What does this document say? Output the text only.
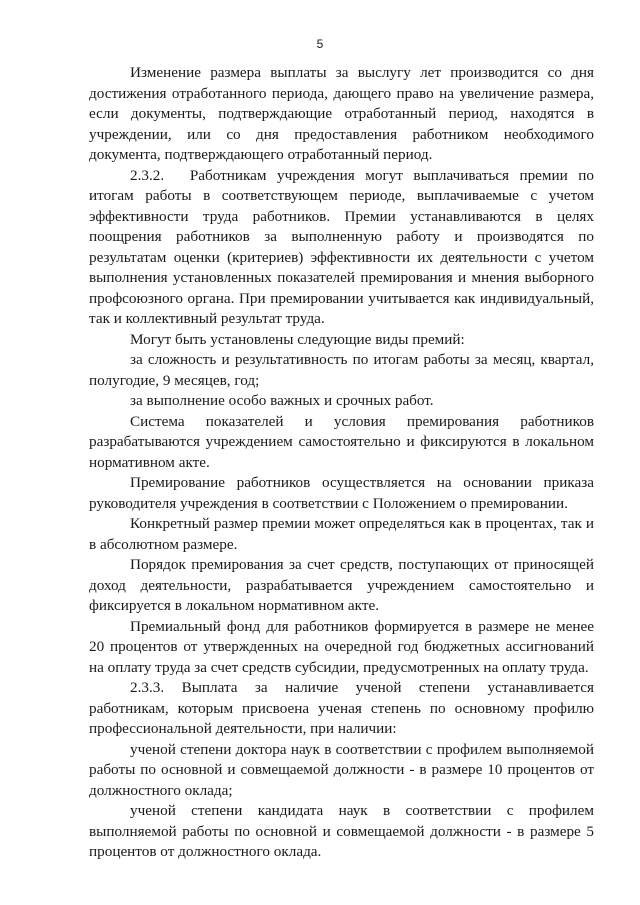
5

Изменение размера выплаты за выслугу лет производится со дня достижения отработанного периода, дающего право на увеличение размера, если документы, подтверждающие отработанный период, находятся в учреждении, или со дня предоставления работником необходимого документа, подтверждающего отработанный период.

2.3.2.  Работникам учреждения могут выплачиваться премии по итогам работы в соответствующем периоде, выплачиваемые с учетом эффективности труда работников. Премии устанавливаются в целях поощрения работников за выполненную работу и производятся по результатам оценки (критериев) эффективности их деятельности с учетом выполнения установленных показателей премирования и мнения выборного профсоюзного органа. При премировании учитывается как индивидуальный, так и коллективный результат труда.

Могут быть установлены следующие виды премий:

за сложность и результативность по итогам работы за месяц, квартал, полугодие, 9 месяцев, год;

за выполнение особо важных и срочных работ.

Система показателей и условия премирования работников разрабатываются учреждением самостоятельно и фиксируются в локальном нормативном акте.

Премирование работников осуществляется на основании приказа руководителя учреждения в соответствии с Положением о премировании.

Конкретный размер премии может определяться как в процентах, так и в абсолютном размере.

Порядок премирования за счет средств, поступающих от приносящей доход деятельности, разрабатывается учреждением самостоятельно и фиксируется в локальном нормативном акте.

Премиальный фонд для работников формируется в размере не менее 20 процентов от утвержденных на очередной год бюджетных ассигнований на оплату труда за счет средств субсидии, предусмотренных на оплату труда.

2.3.3. Выплата за наличие ученой степени устанавливается работникам, которым присвоена ученая степень по основному профилю профессиональной деятельности, при наличии:

ученой степени доктора наук в соответствии с профилем выполняемой работы по основной и совмещаемой должности - в размере 10 процентов от должностного оклада;

ученой степени кандидата наук в соответствии с профилем выполняемой работы по основной и совмещаемой должности - в размере 5 процентов от должностного оклада.
